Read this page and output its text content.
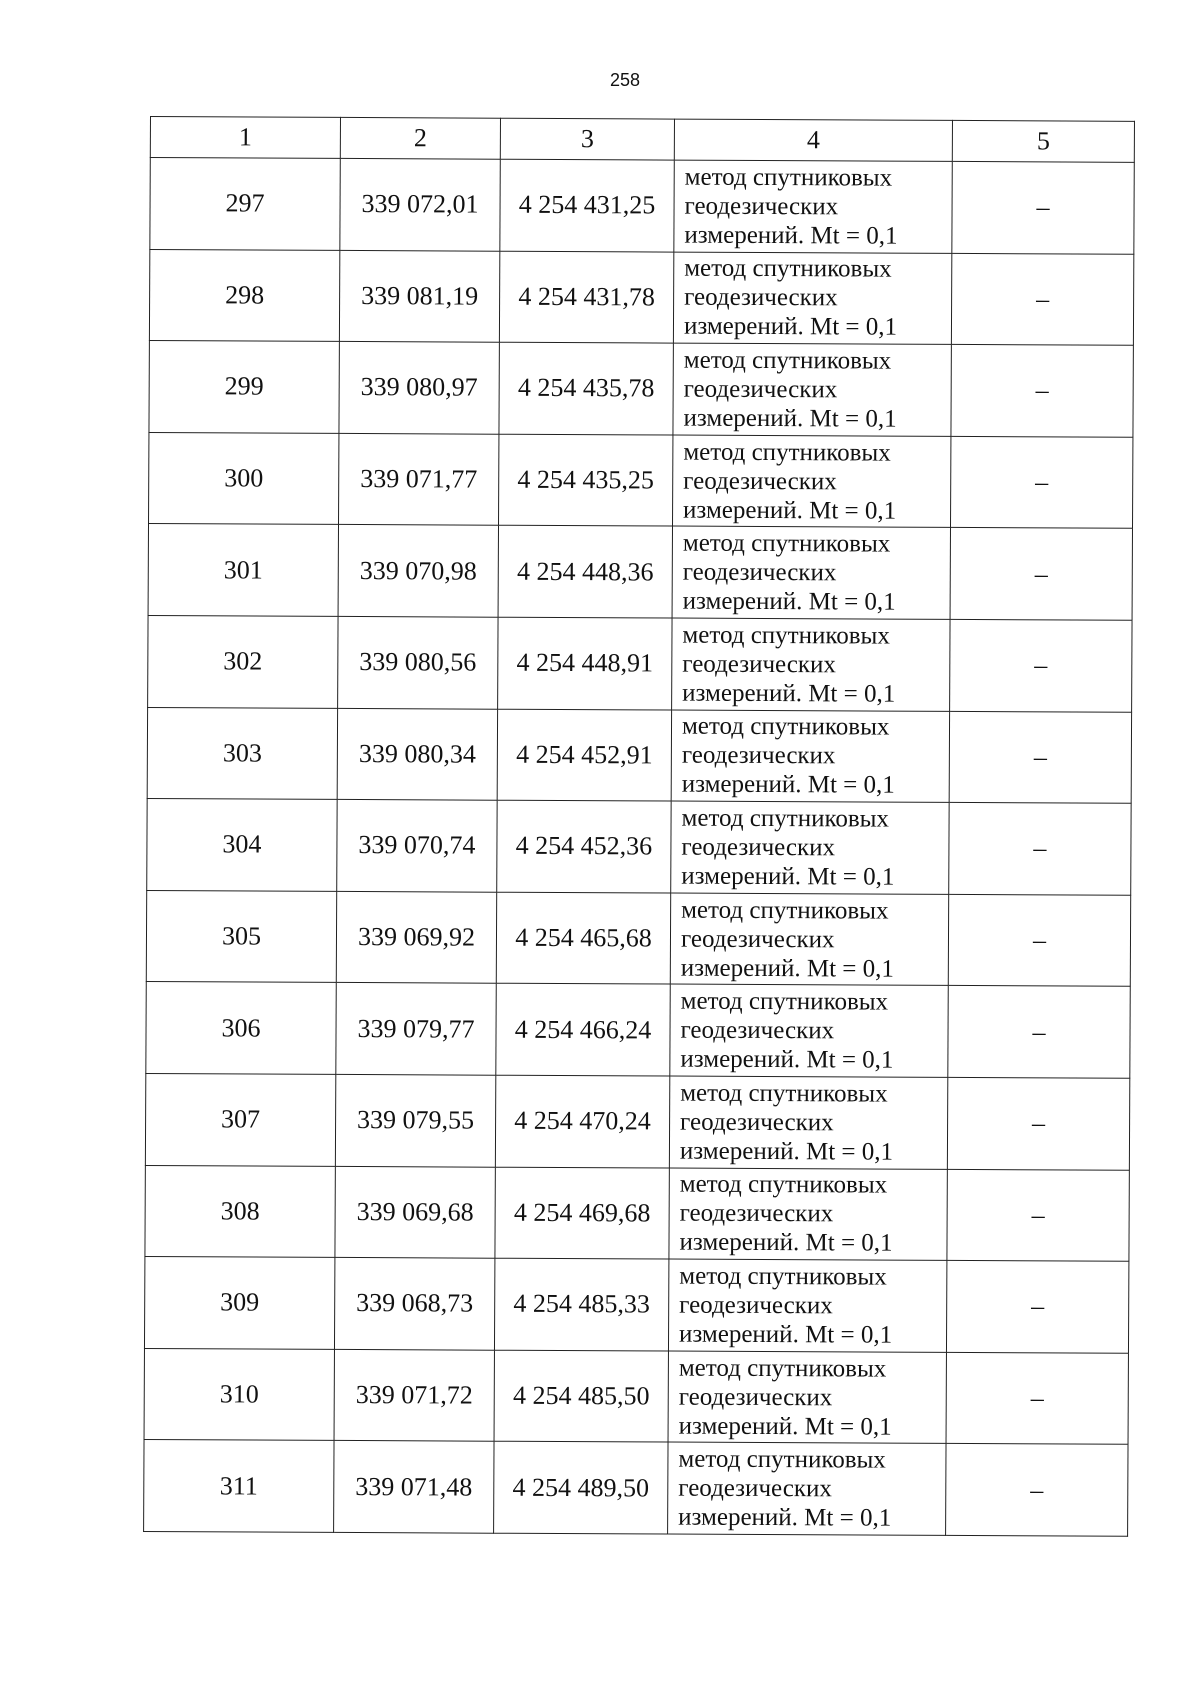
258
1	2	3	4	5
297	339 072,01	4 254 431,25	метод спутниковых
геодезических
измерений. Mt = 0,1	–
298	339 081,19	4 254 431,78	метод спутниковых
геодезических
измерений. Mt = 0,1	–
299	339 080,97	4 254 435,78	метод спутниковых
геодезических
измерений. Mt = 0,1	–
300	339 071,77	4 254 435,25	метод спутниковых
геодезических
измерений. Mt = 0,1	–
301	339 070,98	4 254 448,36	метод спутниковых
геодезических
измерений. Mt = 0,1	–
302	339 080,56	4 254 448,91	метод спутниковых
геодезических
измерений. Mt = 0,1	–
303	339 080,34	4 254 452,91	метод спутниковых
геодезических
измерений. Mt = 0,1	–
304	339 070,74	4 254 452,36	метод спутниковых
геодезических
измерений. Mt = 0,1	–
305	339 069,92	4 254 465,68	метод спутниковых
геодезических
измерений. Mt = 0,1	–
306	339 079,77	4 254 466,24	метод спутниковых
геодезических
измерений. Mt = 0,1	–
307	339 079,55	4 254 470,24	метод спутниковых
геодезических
измерений. Mt = 0,1	–
308	339 069,68	4 254 469,68	метод спутниковых
геодезических
измерений. Mt = 0,1	–
309	339 068,73	4 254 485,33	метод спутниковых
геодезических
измерений. Mt = 0,1	–
310	339 071,72	4 254 485,50	метод спутниковых
геодезических
измерений. Mt = 0,1	–
311	339 071,48	4 254 489,50	метод спутниковых
геодезических
измерений. Mt = 0,1	–
